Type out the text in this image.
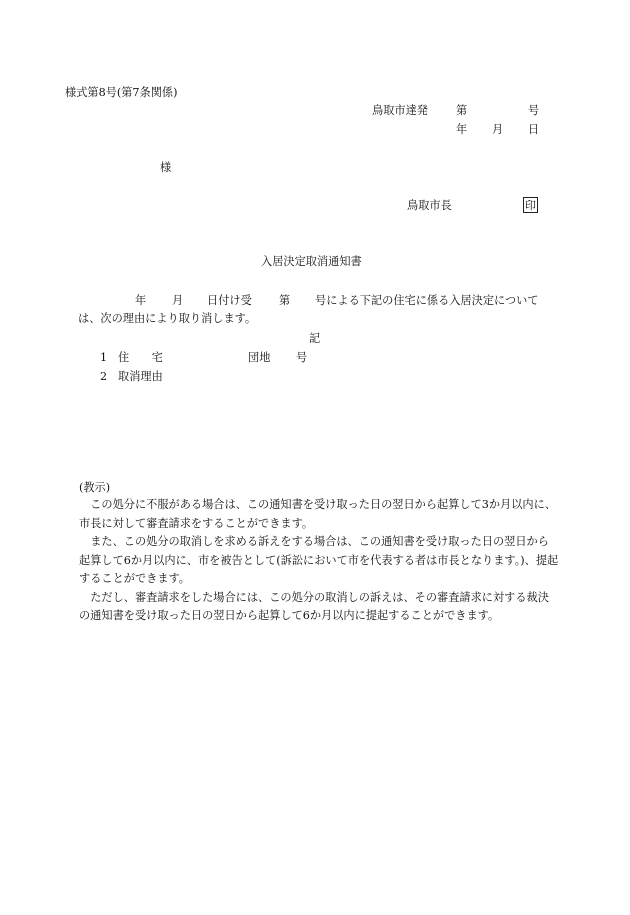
様式第8号(第7条関係)
鳥取市達発	第	号
年 月 日
様
鳥取市長	印
入居決定取消通知書
年 月 日付け受 第 号による下記の住宅に係る入居決定について
は、次の理由により取り消します。
記
1 住　　宅	団地 号
2 取消理由
(教示)

この処分に不服がある場合は、この通知書を受け取った日の翌日から起算して3か月以内に、市長に対して審査請求をすることができます。

また、この処分の取消しを求める訴えをする場合は、この通知書を受け取った日の翌日から起算して6か月以内に、市を被告として(訴訟において市を代表する者は市長となります。)、提起することができます。

ただし、審査請求をした場合には、この処分の取消しの訴えは、その審査請求に対する裁決の通知書を受け取った日の翌日から起算して6か月以内に提起することができます。
